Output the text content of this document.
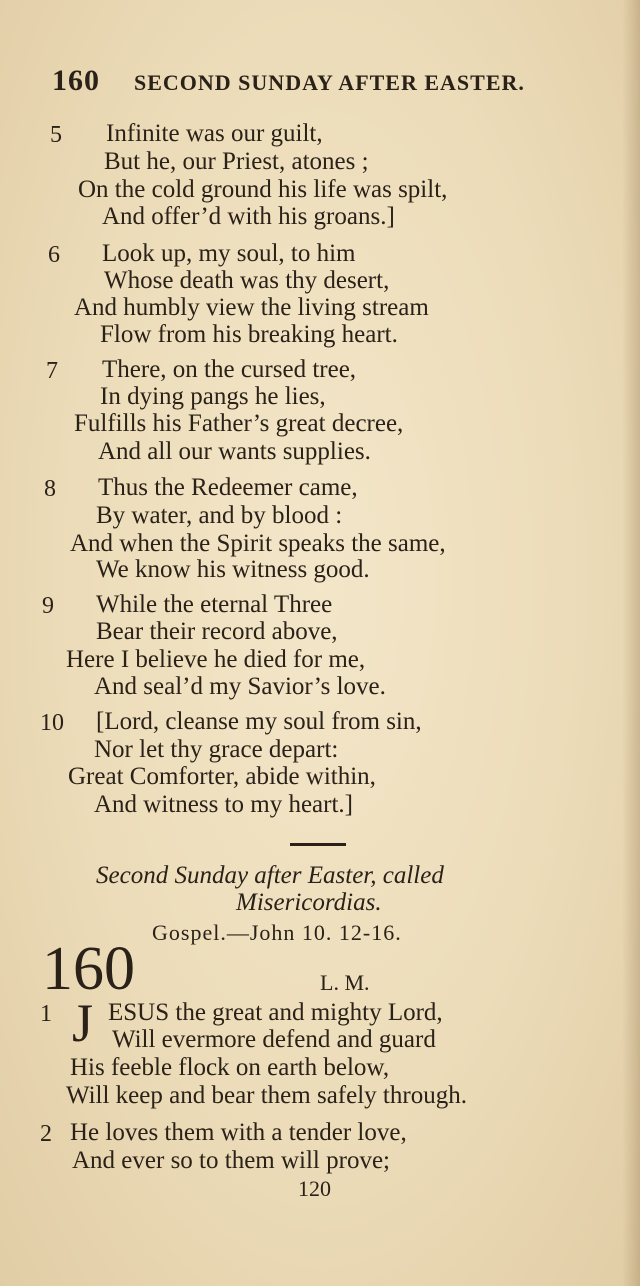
160 SECOND SUNDAY AFTER EASTER.
5 Infinite was our guilt,
But he, our Priest, atones ;
On the cold ground his life was spilt,
And offer’d with his groans.]
6 Look up, my soul, to him
Whose death was thy desert,
And humbly view the living stream
Flow from his breaking heart.
7 There, on the cursed tree,
In dying pangs he lies,
Fulfills his Father’s great decree,
And all our wants supplies.
8 Thus the Redeemer came,
By water, and by blood :
And when the Spirit speaks the same,
We know his witness good.
9 While the eternal Three
Bear their record above,
Here I believe he died for me,
And seal’d my Savior’s love.
10 [Lord, cleanse my soul from sin,
Nor let thy grace depart:
Great Comforter, abide within,
And witness to my heart.]
Second Sunday after Easter, called
Misericordias.
Gospel.—John 10. 12-16.
160	L. M.
1 J ESUS the great and mighty Lord,
Will evermore defend and guard
His feeble flock on earth below,
Will keep and bear them safely through.
2 He loves them with a tender love,
And ever so to them will prove;
120
